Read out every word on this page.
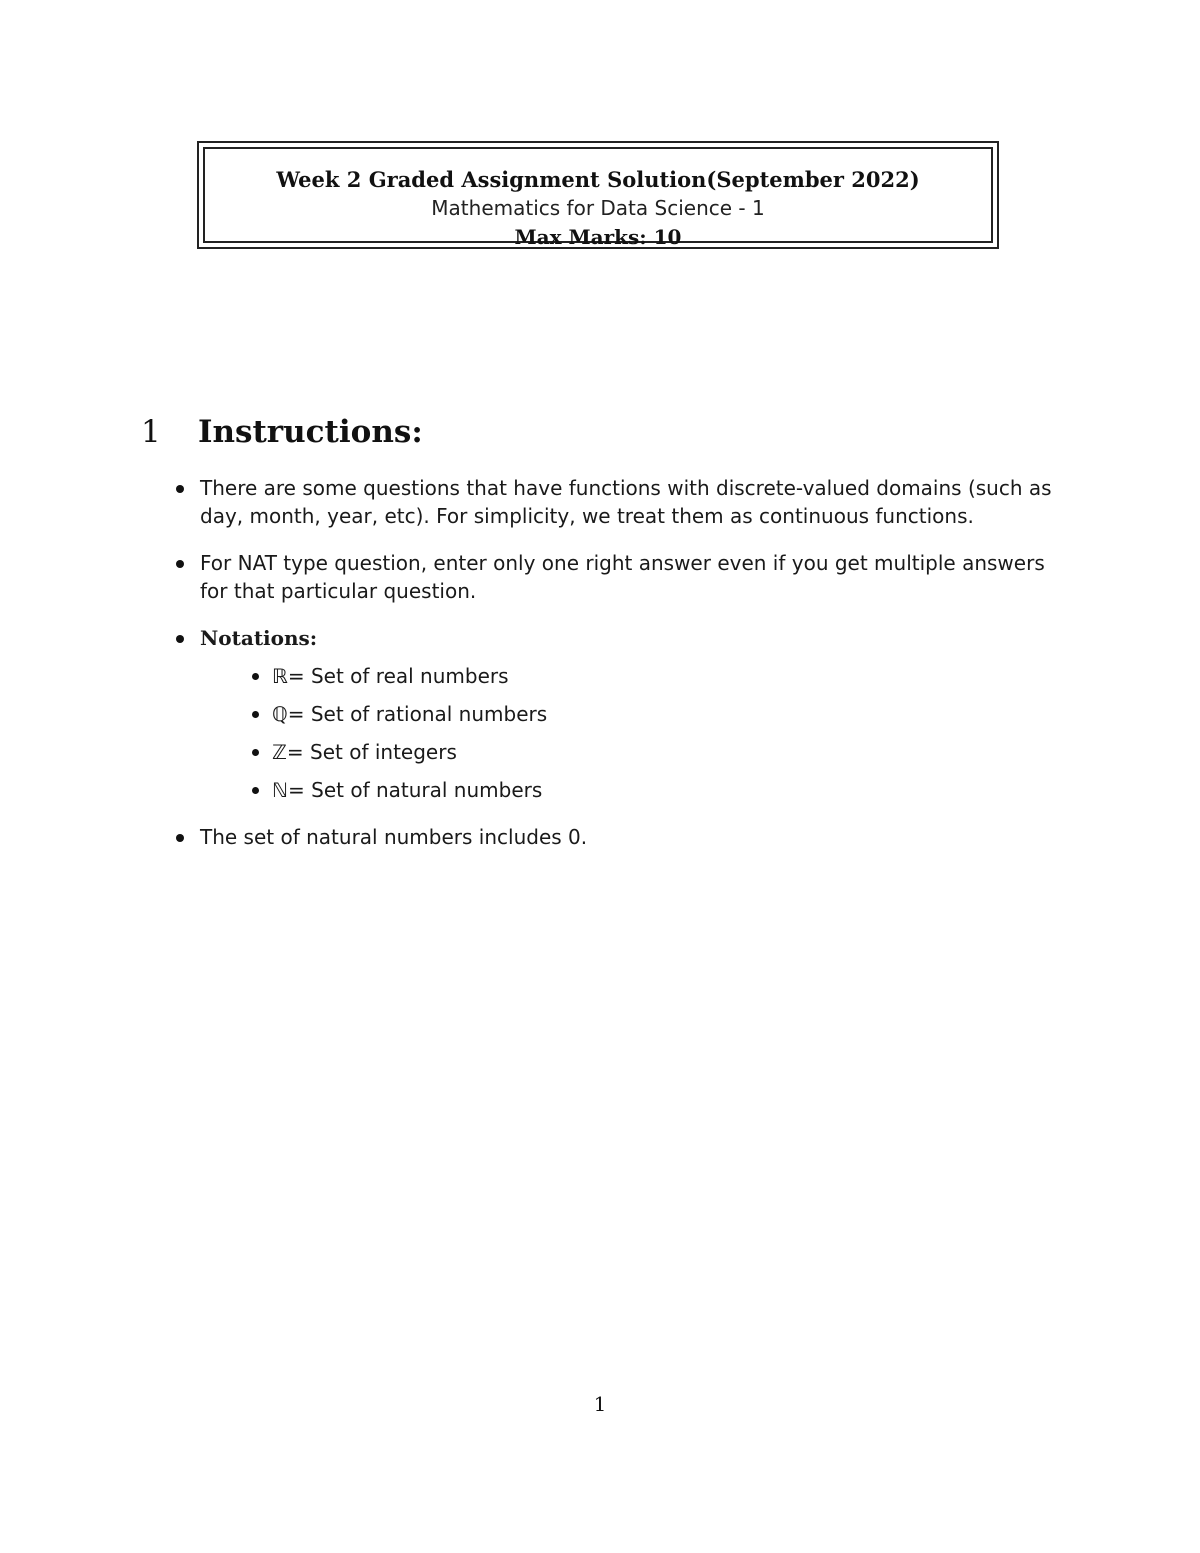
Week 2 Graded Assignment Solution(September 2022)
Mathematics for Data Science - 1
Max Marks: 10
1 Instructions:
There are some questions that have functions with discrete-valued domains (such as day, month, year, etc). For simplicity, we treat them as continuous functions.
For NAT type question, enter only one right answer even if you get multiple answers for that particular question.
Notations:
ℝ= Set of real numbers
ℚ= Set of rational numbers
ℤ= Set of integers
ℕ= Set of natural numbers
The set of natural numbers includes 0.
1
